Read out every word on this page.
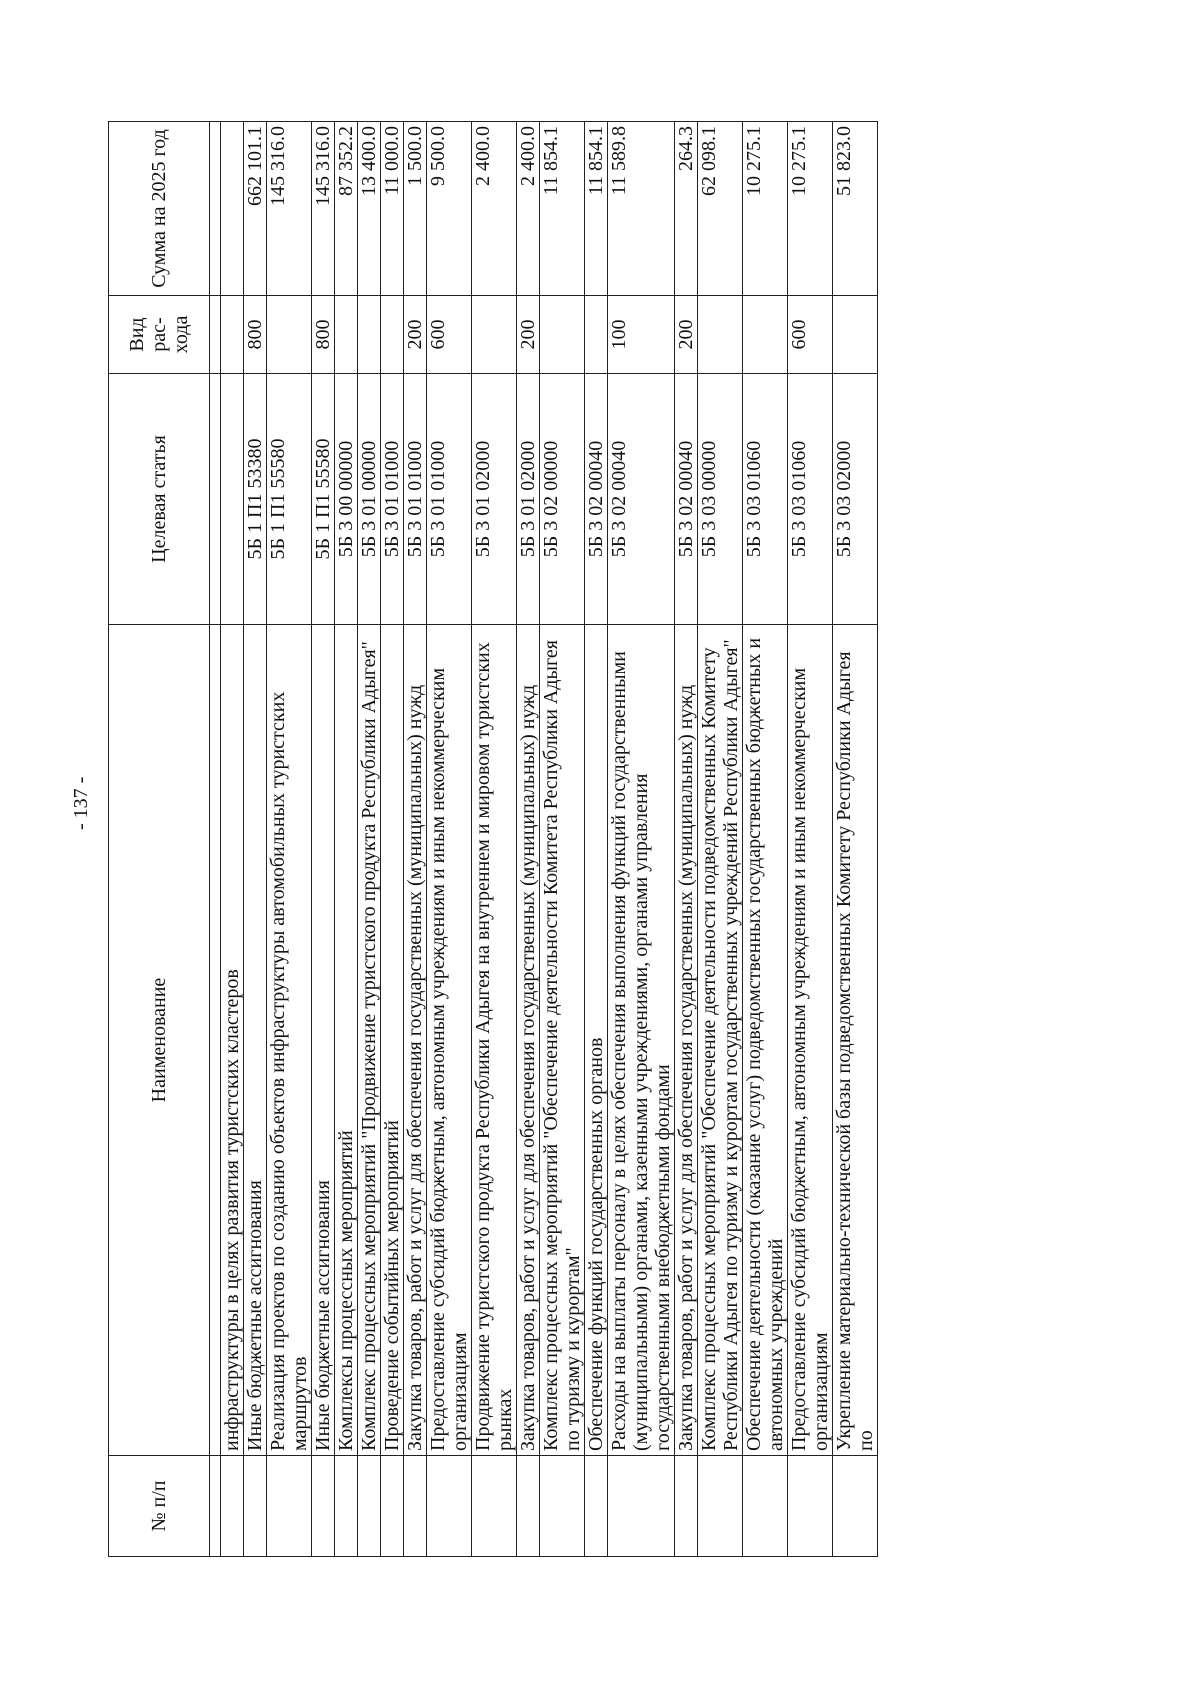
- 137 -
№ п/п	Наименование	Целевая статья	Вид рас-хода	Сумма на 2025 год

	инфраструктуры в целях развития туристских кластеров			
	Иные бюджетные ассигнования	5Б 1 П1 53380	800	662 101.1
	Реализация проектов по созданию объектов инфраструктуры автомобильных туристских маршрутов	5Б 1 П1 55580		145 316.0
	Иные бюджетные ассигнования	5Б 1 П1 55580	800	145 316.0
	Комплексы процессных мероприятий	5Б 3 00 00000		87 352.2
	Комплекс процессных мероприятий "Продвижение туристского продукта Республики Адыгея"	5Б 3 01 00000		13 400.0
	Проведение событийных мероприятий	5Б 3 01 01000		11 000.0
	Закупка товаров, работ и услуг для обеспечения государственных (муниципальных) нужд	5Б 3 01 01000	200	1 500.0
	Предоставление субсидий бюджетным, автономным учреждениям и иным некоммерческим организациям	5Б 3 01 01000	600	9 500.0
	Продвижение туристского продукта Республики Адыгея на внутреннем и мировом туристских рынках	5Б 3 01 02000		2 400.0
	Закупка товаров, работ и услуг для обеспечения государственных (муниципальных) нужд	5Б 3 01 02000	200	2 400.0
	Комплекс процессных мероприятий "Обеспечение деятельности Комитета Республики Адыгея по туризму и курортам"	5Б 3 02 00000		11 854.1
	Обеспечение функций государственных органов	5Б 3 02 00040		11 854.1
	Расходы на выплаты персоналу в целях обеспечения выполнения функций государственными (муниципальными) органами, казенными учреждениями, органами управления государственными внебюджетными фондами	5Б 3 02 00040	100	11 589.8
	Закупка товаров, работ и услуг для обеспечения государственных (муниципальных) нужд	5Б 3 02 00040	200	264.3
	Комплекс процессных мероприятий "Обеспечение деятельности подведомственных Комитету Республики Адыгея по туризму и курортам государственных учреждений Республики Адыгея"	5Б 3 03 00000		62 098.1
	Обеспечение деятельности (оказание услуг) подведомственных государственных бюджетных и автономных учреждений	5Б 3 03 01060		10 275.1
	Предоставление субсидий бюджетным, автономным учреждениям и иным некоммерческим организациям	5Б 3 03 01060	600	10 275.1
	Укрепление материально-технической базы подведомственных Комитету Республики Адыгея по	5Б 3 03 02000		51 823.0
